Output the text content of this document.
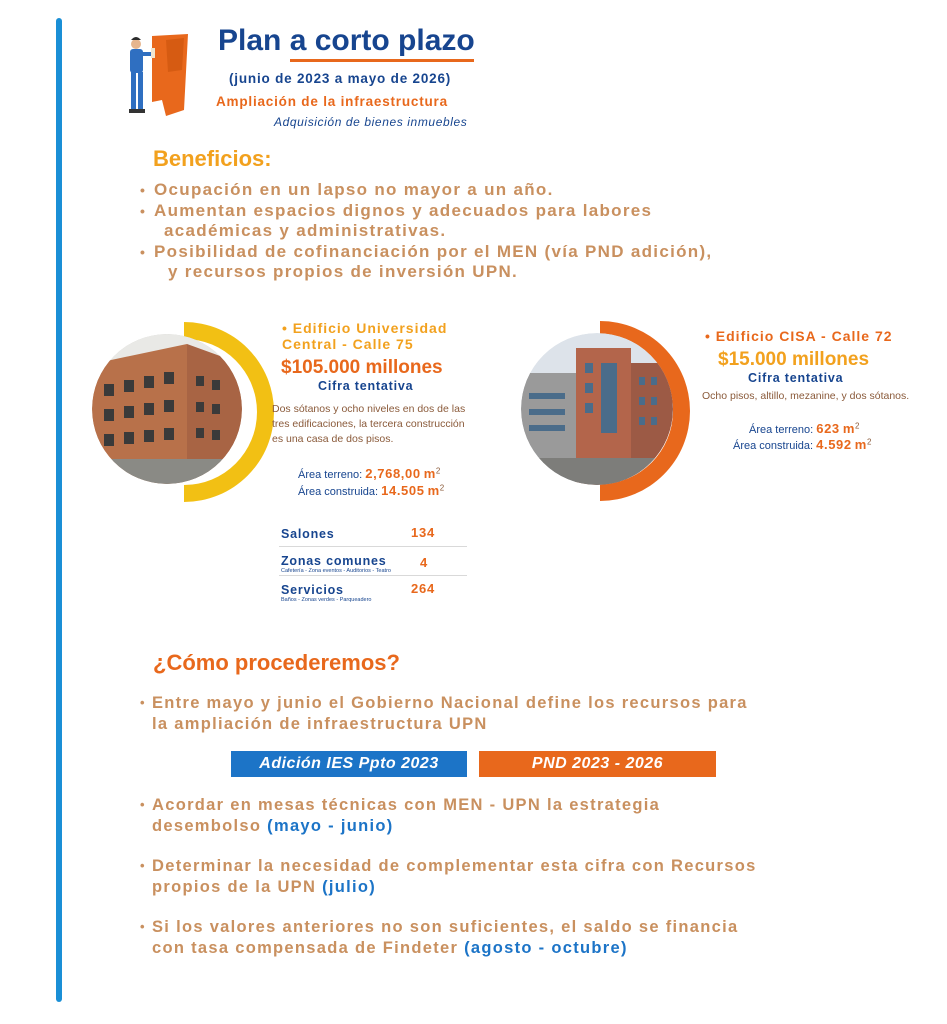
Plan a corto plazo
(junio de 2023 a mayo de 2026)
Ampliación de la infraestructura
Adquisición de bienes inmuebles
Beneficios:
• Ocupación en un lapso no mayor a un año.
• Aumentan espacios dignos y adecuados para labores
académicas y administrativas.
• Posibilidad de cofinanciación por el MEN (vía PND adición),
y recursos propios de inversión UPN.
• Edificio Universidad
Central - Calle 75
$105.000 millones
Cifra tentativa
Dos sótanos y ocho niveles en dos de las tres edificaciones, la tercera construcción es una casa de dos pisos.
Área terreno: 2,768,00 $m^2$
Área construida: 14.505 $m^2$
Salones	134
Zonas comunes
Cafetería - Zona eventos - Auditorios - Teatro
4
Servicios
Baños - Zonas verdes - Parqueadero
264
• Edificio CISA - Calle 72
$15.000 millones
Cifra tentativa
Ocho pisos, altillo, mezanine, y dos sótanos.
Área terreno: 623 $m^2$
Área construida: 4.592 $m^2$
¿Cómo procederemos?
• Entre mayo y junio el Gobierno Nacional define los recursos para
la ampliación de infraestructura UPN
Adición IES Ppto 2023	PND 2023 - 2026
• Acordar en mesas técnicas con MEN - UPN la estrategia
desembolso (mayo - junio)
• Determinar la necesidad de complementar esta cifra con Recursos
propios de la UPN (julio)
• Si los valores anteriores no son suficientes, el saldo se financia
con tasa compensada de Findeter (agosto - octubre)
